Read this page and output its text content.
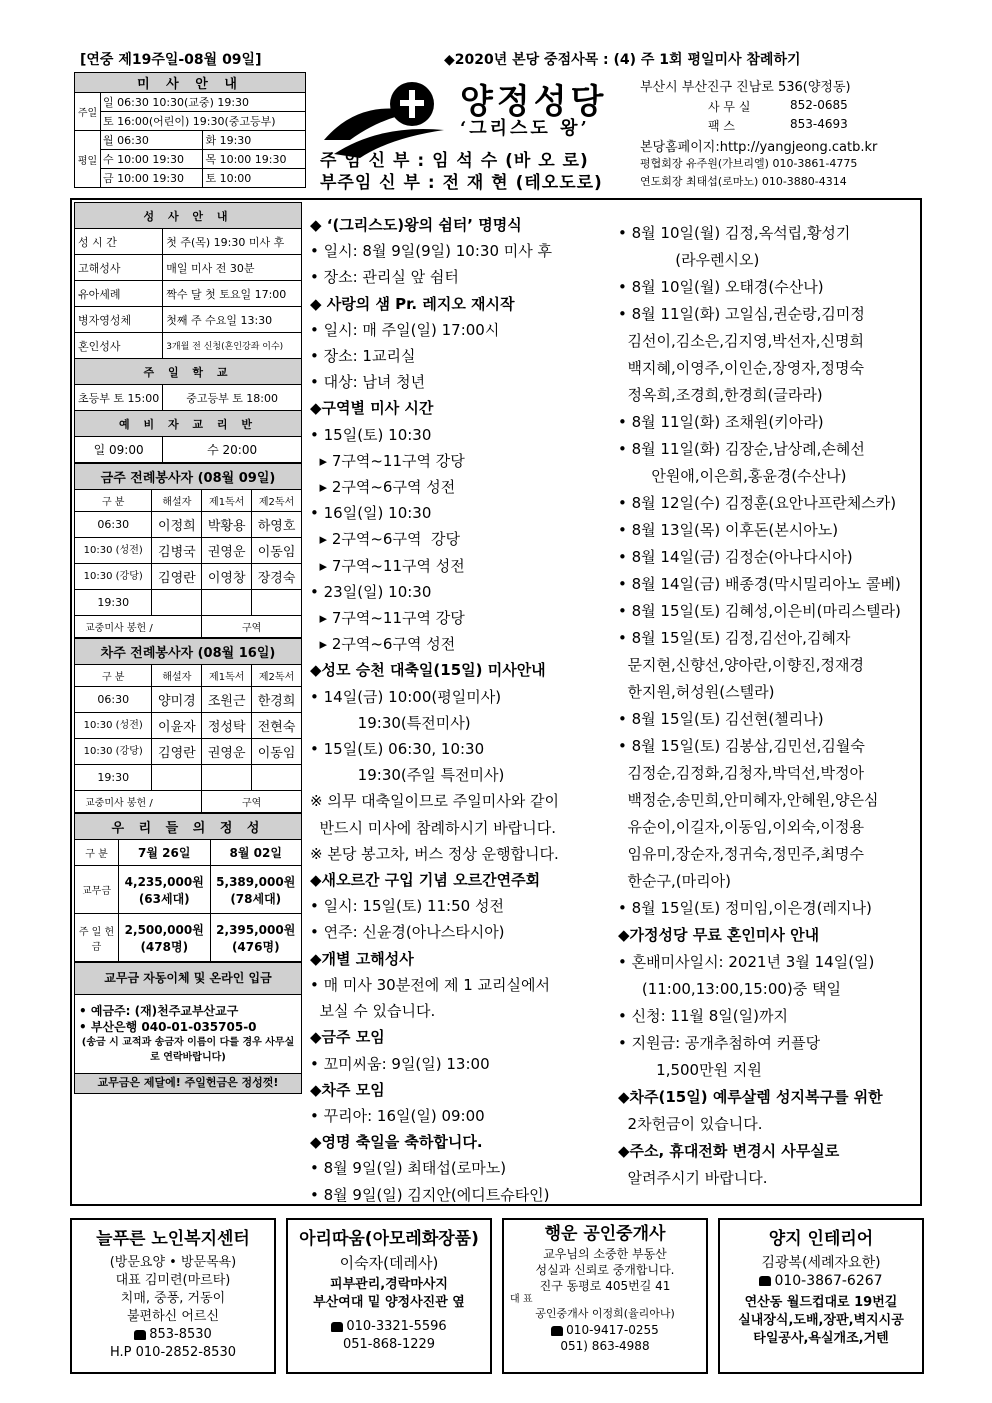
[연중 제19주일-08월 09일]	◆2020년 본당 중점사목 : (4) 주 1회 평일미사 참례하기
미 사 안 내		
주일	일 06:30 10:30(교중) 19:30	
	토 16:00(어린이) 19:30(중고등부)	
평일	월 06:30	화 19:30
	수 10:00 19:30	목 10:00 19:30
	금 10:00 19:30	토 10:00
양정성당
‘그리스도 왕’
부산시 부산진구 진남로 536(양정동)
사 무 실	852-0685
팩 스	853-4693
본당홈페이지:http://yangjeong.catb.kr
평협회장 유주원(가브리엘) 010-3861-4775
연도회장 최태섭(로마노) 010-3880-4314
주 임 신 부 : 임 석 수 (바 오 로)
부주임 신 부 : 전 재 현 (테오도로)
성 사 안 내	
성 시 간	첫 주(목) 19:30 미사 후
고해성사	매일 미사 전 30분
유아세례	짝수 달 첫 토요일 17:00
병자영성체	첫째 주 수요일 13:30
혼인성사	3개월 전 신청(혼인강좌 이수)
주 일 학 교	
초등부 토 15:00	중고등부 토 18:00
예 비 자 교 리 반	
일 09:00	수 20:00
금주 전례봉사자 (08월 09일)			
구 분	해설자	제1독서	제2독서
06:30	이정희	박황용	하영호
10:30 (성전)	김병국	권영운	이동임
10:30 (강당)	김영란	이영창	장경숙
19:30			
교중미사 봉헌 /		구역	
차주 전례봉사자 (08월 16일)			
구 분	해설자	제1독서	제2독서
06:30	양미경	조원근	한경희
10:30 (성전)	이윤자	정성탁	전현숙
10:30 (강당)	김영란	권영운	이동임
19:30			
교중미사 봉헌 /		구역	
우 리 들 의 정 성		
구 분	7월 26일	8월 02일
교무금	4,235,000원 (63세대)	5,389,000원 (78세대)
주 일 헌 금	2,500,000원 (478명)	2,395,000원 (476명)
교무금 자동이체 및 온라인 입금
• 예금주: (재)천주교부산교구
• 부산은행 040-01-035705-0
(송금 시 교적과 송금자 이름이 다를 경우 사무실로 연락바랍니다)
교무금은 제달에! 주일헌금은 정성껏!
◆ ‘(그리스도)왕의 쉼터’ 명명식
• 일시: 8월 9일(9일) 10:30 미사 후
• 장소: 관리실 앞 쉼터
◆ 사랑의 샘 Pr. 레지오 재시작
• 일시: 매 주일(일) 17:00시
• 장소: 1교리실
• 대상: 남녀 청년
◆구역별 미사 시간
• 15일(토) 10:30
▸ 7구역~11구역 강당
▸ 2구역~6구역 성전
• 16일(일) 10:30
▸ 2구역~6구역  강당
▸ 7구역~11구역 성전
• 23일(일) 10:30
▸ 7구역~11구역 강당
▸ 2구역~6구역 성전
◆성모 승천 대축일(15일) 미사안내
• 14일(금) 10:00(평일미사)
19:30(특전미사)
• 15일(토) 06:30, 10:30
19:30(주일 특전미사)
※ 의무 대축일이므로 주일미사와 같이
반드시 미사에 참례하시기 바랍니다.
※ 본당 봉고차, 버스 정상 운행합니다.
◆새오르간 구입 기념 오르간연주회
• 일시: 15일(토) 11:50 성전
• 연주: 신윤경(아나스타시아)
◆개별 고해성사
• 매 미사 30분전에 제 1 교리실에서
보실 수 있습니다.
◆금주 모임
• 꼬미씨움: 9일(일) 13:00
◆차주 모임
• 꾸리아: 16일(일) 09:00
◆영명 축일을 축하합니다.
• 8월 9일(일) 최태섭(로마노)
• 8월 9일(일) 김지안(에디트슈타인)
• 8월 10일(월) 김정,옥석립,황성기
(라우렌시오)
• 8월 10일(월) 오태경(수산나)
• 8월 11일(화) 고일심,권순랑,김미정
김선이,김소은,김지영,박선자,신명희
백지혜,이영주,이인순,장영자,정명숙
정옥희,조경희,한경희(글라라)
• 8월 11일(화) 조채원(키아라)
• 8월 11일(화) 김장순,남상례,손혜선
안원애,이은희,홍윤경(수산나)
• 8월 12일(수) 김정훈(요안나프란체스카)
• 8월 13일(목) 이후돈(본시아노)
• 8월 14일(금) 김정순(아나다시아)
• 8월 14일(금) 배종경(막시밀리아노 콜베)
• 8월 15일(토) 김혜성,이은비(마리스텔라)
• 8월 15일(토) 김정,김선아,김혜자
문지현,신향선,양아란,이향진,정재경
한지원,허성원(스텔라)
• 8월 15일(토) 김선현(첼리나)
• 8월 15일(토) 김봉삼,김민선,김월숙
김정순,김정화,김청자,박덕선,박정아
백정순,송민희,안미혜자,안혜원,양은심
유순이,이길자,이동임,이외숙,이정용
임유미,장순자,정귀숙,정민주,최명수
한순구,(마리아)
• 8월 15일(토) 정미임,이은경(레지나)
◆가정성당 무료 혼인미사 안내
• 혼배미사일시: 2021년 3월 14일(일)
(11:00,13:00,15:00)중 택일
• 신청: 11월 8일(일)까지
• 지원금: 공개추첨하여 커플당
1,500만원 지원
◆차주(15일) 예루살렘 성지복구를 위한
2차헌금이 있습니다.
◆주소, 휴대전화 변경시 사무실로
알려주시기 바랍니다.
늘푸른 노인복지센터
(방문요양 • 방문목욕)
대표 김미련(마르타)
치매, 중풍, 거동이
불편하신 어르신
853-8530
H.P 010-2852-8530
아리따움(아모레화장품)
이숙자(데레사)
피부관리,경락마사지
부산여대 밑 양정사진관 옆
010-3321-5596
051-868-1229
행운 공인중개사
교우님의 소중한 부동산
성실과 신뢰로 중개합니다.
진구 동평로 405번길 41
대 표
공인중개사 이정희(율리아나)
010-9417-0255
051) 863-4988
양지 인테리어
김광복(세례자요한)
010-3867-6267
연산동 월드컵대로 19번길
실내장식,도배,장판,벽지시공
타일공사,욕실개조,거텐
